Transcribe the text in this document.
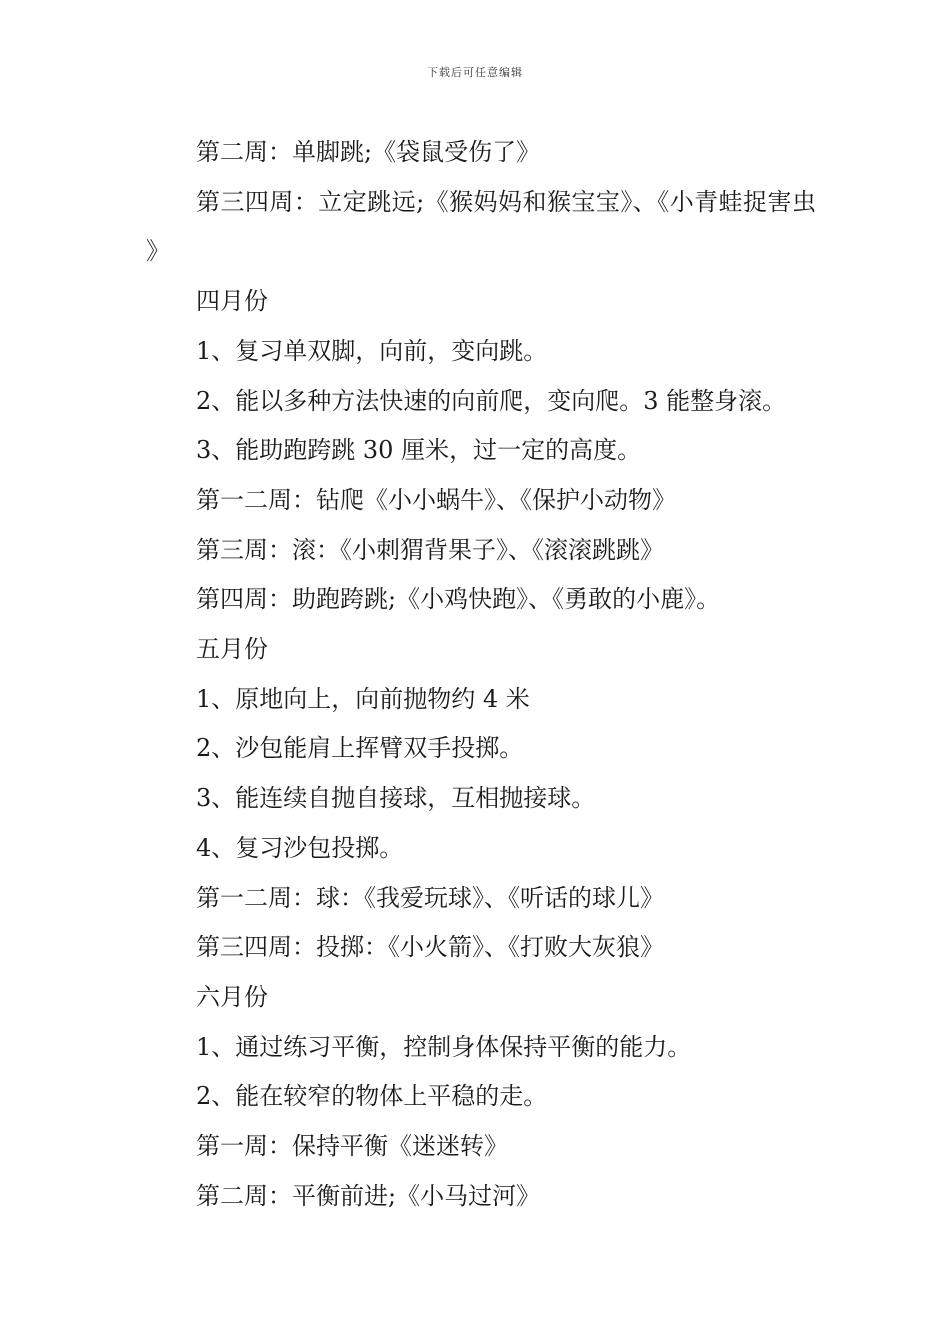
下载后可任意编辑

第二周：单脚跳;《袋鼠受伤了》

第三四周：立定跳远;《猴妈妈和猴宝宝》、《小青蛙捉害虫 》

四月份

1、复习单双脚，向前，变向跳。

2、能以多种方法快速的向前爬，变向爬。3 能整身滚。

3、能助跑跨跳 30 厘米，过一定的高度。

第一二周：钻爬《小小蜗牛》、《保护小动物》

第三周：滚：《小刺猬背果子》、《滚滚跳跳》

第四周：助跑跨跳;《小鸡快跑》、《勇敢的小鹿》。

五月份

1、原地向上，向前抛物约 4 米

2、沙包能肩上挥臂双手投掷。

3、能连续自抛自接球，互相抛接球。

4、复习沙包投掷。

第一二周：球：《我爱玩球》、《听话的球儿》

第三四周：投掷：《小火箭》、《打败大灰狼》

六月份

1、通过练习平衡，控制身体保持平衡的能力。

2、能在较窄的物体上平稳的走。

第一周：保持平衡《迷迷转》

第二周：平衡前进;《小马过河》
